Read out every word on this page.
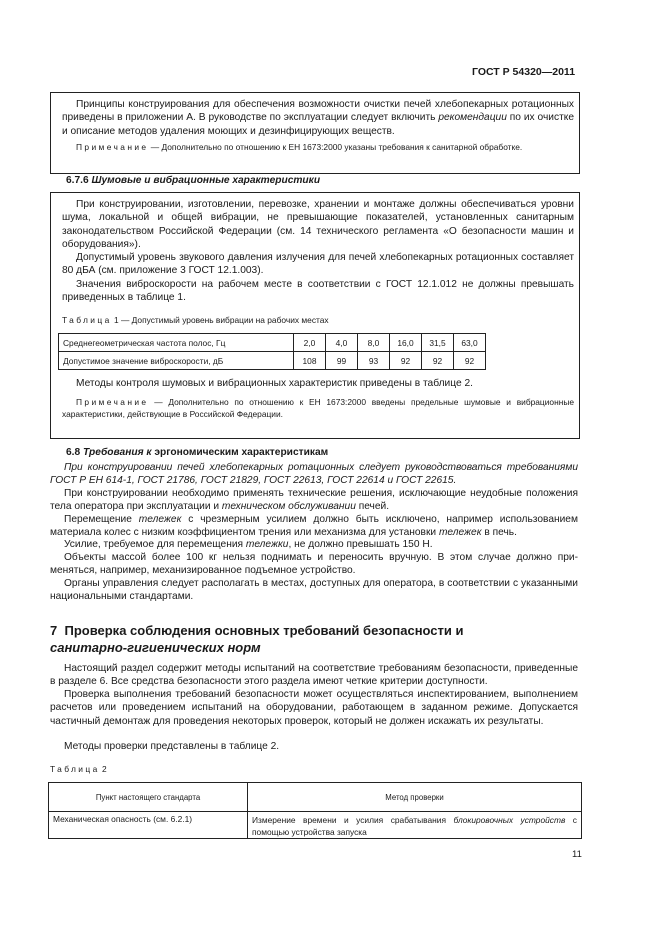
ГОСТ Р 54320—2011
Принципы конструирования для обеспечения возможности очистки печей хлебопекарных ротационных приведены в приложении А. В руководстве по эксплуатации следует включить рекомендации по их очистке и описание методов удаления моющих и дезинфицирующих веществ.
Примечание — Дополнительно по отношению к ЕН 1673:2000 указаны требования к санитарной обработке.
6.7.6 Шумовые и вибрационные характеристики
При конструировании, изготовлении, перевозке, хранении и монтаже должны обеспечиваться уровни шума, локальной и общей вибрации, не превышающие показателей, установленных санитарным законодательством Российской Федерации (см. 14 технического регламента «О безопасности машин и оборудования»).
Допустимый уровень звукового давления излучения для печей хлебопекарных ротационных составляет 80 дБА (см. приложение 3 ГОСТ 12.1.003).
Значения виброскорости на рабочем месте в соответствии с ГОСТ 12.1.012 не должны превышать приведенных в таблице 1.
Таблица 1 — Допустимый уровень вибрации на рабочих местах
Среднегеометрическая частота полос, Гц	2,0	4,0	8,0	16,0	31,5	63,0
Допустимое значение виброскорости, дБ	108	99	93	92	92	92
Методы контроля шумовых и вибрационных характеристик приведены в таблице 2.
Примечание — Дополнительно по отношению к ЕН 1673:2000 введены предельные шумовые и вибрационные характеристики, действующие в Российской Федерации.
6.8 Требования к эргономическим характеристикам
При конструировании печей хлебопекарных ротационных следует руководствоваться требованиями ГОСТ Р ЕН 614-1, ГОСТ 21786, ГОСТ 21829, ГОСТ 22613, ГОСТ 22614 и ГОСТ 22615.
При конструировании необходимо применять технические решения, исключающие неудобные положения тела оператора при эксплуатации и техническом обслуживании печей.
Перемещение тележек с чрезмерным усилием должно быть исключено, например использованием материала колес с низким коэффициентом трения или механизма для установки тележек в печь.
Усилие, требуемое для перемещения тележки, не должно превышать 150 Н.
Объекты массой более 100 кг нельзя поднимать и переносить вручную. В этом случае должно применяться, например, механизированное подъемное устройство.
Органы управления следует располагать в местах, доступных для оператора, в соответствии с указанными национальными стандартами.
7 Проверка соблюдения основных требований безопасности и
санитарно-гигиенических норм
Настоящий раздел содержит методы испытаний на соответствие требованиям безопасности, приведенные в разделе 6. Все средства безопасности этого раздела имеют четкие критерии доступности.
Проверка выполнения требований безопасности может осуществляться инспектированием, выполнением расчетов или проведением испытаний на оборудовании, работающем в заданном режиме. Допускается частичный демонтаж для проведения некоторых проверок, который не должен искажать их результаты.
Методы проверки представлены в таблице 2.
Таблица 2
Пункт настоящего стандарта	Метод проверки
Механическая опасность (см. 6.2.1)	Измерение времени и усилия срабатывания блокировочных устройств с помощью устройства запуска
11
